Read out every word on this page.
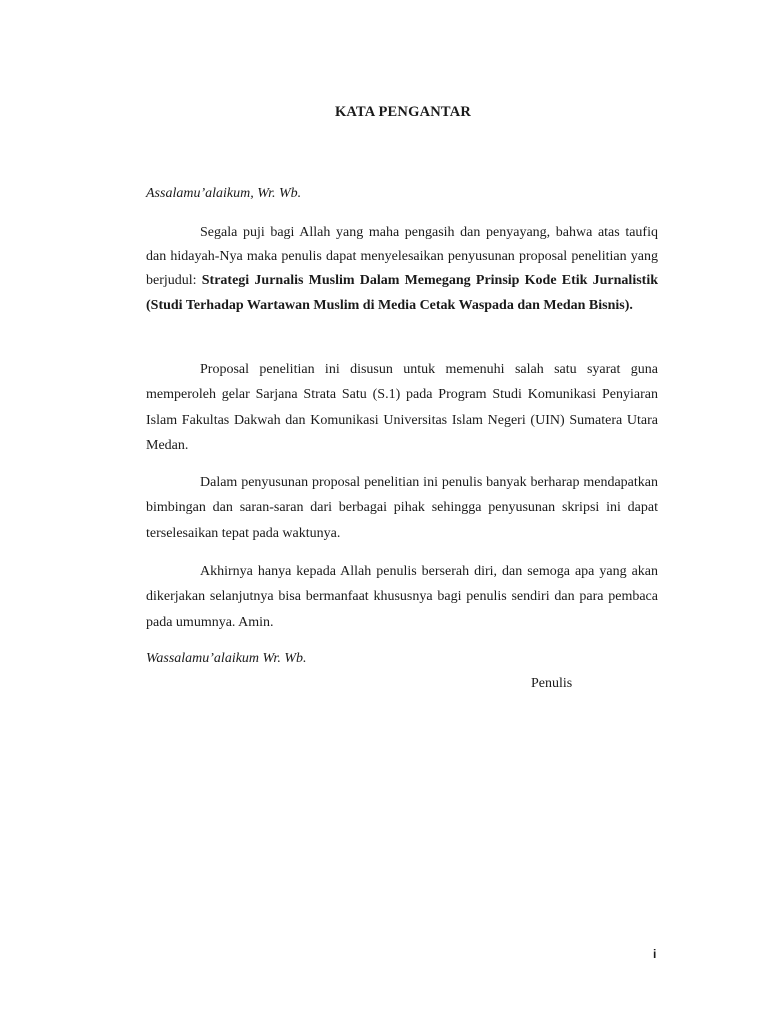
KATA PENGANTAR
Assalamu’alaikum, Wr. Wb.
Segala puji bagi Allah yang maha pengasih dan penyayang, bahwa atas taufiq dan hidayah-Nya maka penulis dapat menyelesaikan penyusunan proposal penelitian yang berjudul: Strategi Jurnalis Muslim Dalam Memegang Prinsip Kode Etik Jurnalistik (Studi Terhadap Wartawan Muslim di Media Cetak Waspada dan Medan Bisnis).
Proposal penelitian ini disusun untuk memenuhi salah satu syarat guna memperoleh gelar Sarjana Strata Satu (S.1) pada Program Studi Komunikasi Penyiaran Islam Fakultas Dakwah dan Komunikasi Universitas Islam Negeri (UIN) Sumatera Utara Medan.
Dalam penyusunan proposal penelitian ini penulis banyak berharap mendapatkan bimbingan dan saran-saran dari berbagai pihak sehingga penyusunan skripsi ini dapat terselesaikan tepat pada waktunya.
Akhirnya hanya kepada Allah penulis berserah diri, dan semoga apa yang akan dikerjakan selanjutnya bisa bermanfaat khususnya bagi penulis sendiri dan para pembaca pada umumnya. Amin.
Wassalamu’alaikum Wr. Wb.
Penulis
i
